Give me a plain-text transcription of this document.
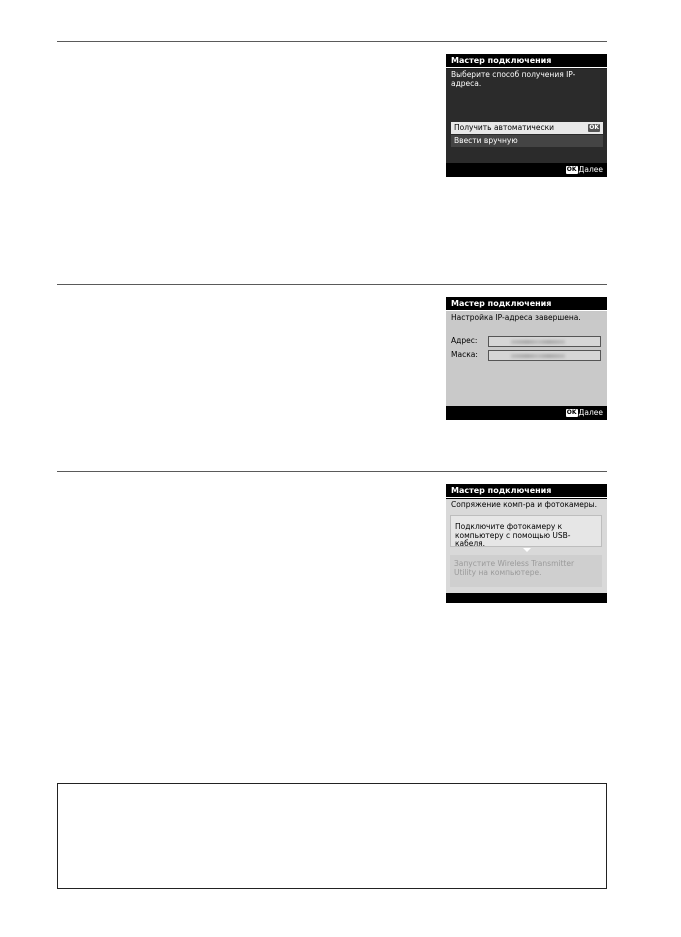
Мастер подключения
Выберите способ получения IP-адреса.
Получить автоматически	OK
Ввести вручную
OK Далее
Мастер подключения
Настройка IP-адреса завершена.
Адрес:
Маска:
OK Далее
Мастер подключения
Сопряжение комп-ра и фотокамеры.
Подключите фотокамеру к компьютеру с помощью USB-кабеля.
Запустите Wireless Transmitter Utility на компьютере.
